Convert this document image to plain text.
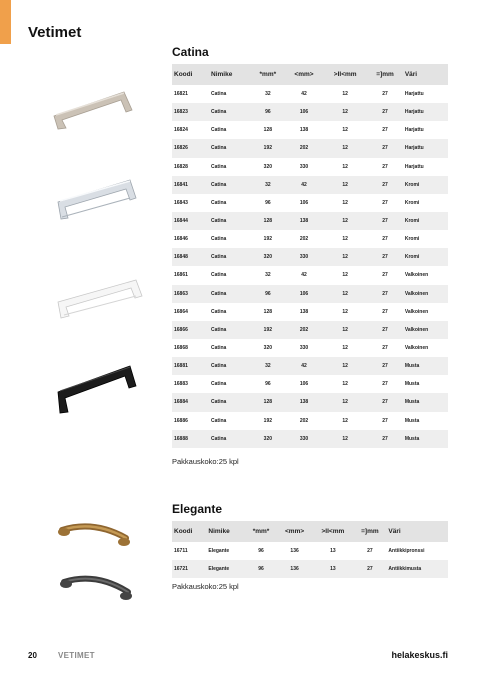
Vetimet
Catina
Koodi	Nimike	*mm*	<mm>	>II<mm	=]mm	Väri
16821	Catina	32	42	12	27	Harjattu
16823	Catina	96	106	12	27	Harjattu
16824	Catina	128	138	12	27	Harjattu
16826	Catina	192	202	12	27	Harjattu
16828	Catina	320	330	12	27	Harjattu
16841	Catina	32	42	12	27	Kromi
16843	Catina	96	106	12	27	Kromi
16844	Catina	128	138	12	27	Kromi
16846	Catina	192	202	12	27	Kromi
16848	Catina	320	330	12	27	Kromi
16861	Catina	32	42	12	27	Valkoinen
16863	Catina	96	106	12	27	Valkoinen
16864	Catina	128	138	12	27	Valkoinen
16866	Catina	192	202	12	27	Valkoinen
16868	Catina	320	330	12	27	Valkoinen
16881	Catina	32	42	12	27	Musta
16883	Catina	96	106	12	27	Musta
16884	Catina	128	138	12	27	Musta
16886	Catina	192	202	12	27	Musta
16888	Catina	320	330	12	27	Musta
Pakkauskoko:25 kpl
Elegante
Koodi	Nimike	*mm*	<mm>	>II<mm	=]mm	Väri
16711	Elegante	96	136	13	27	Antiikkipronssi
16721	Elegante	96	136	13	27	Antiikkimusta
Pakkauskoko:25 kpl
20	VETIMET	helakeskus.fi
